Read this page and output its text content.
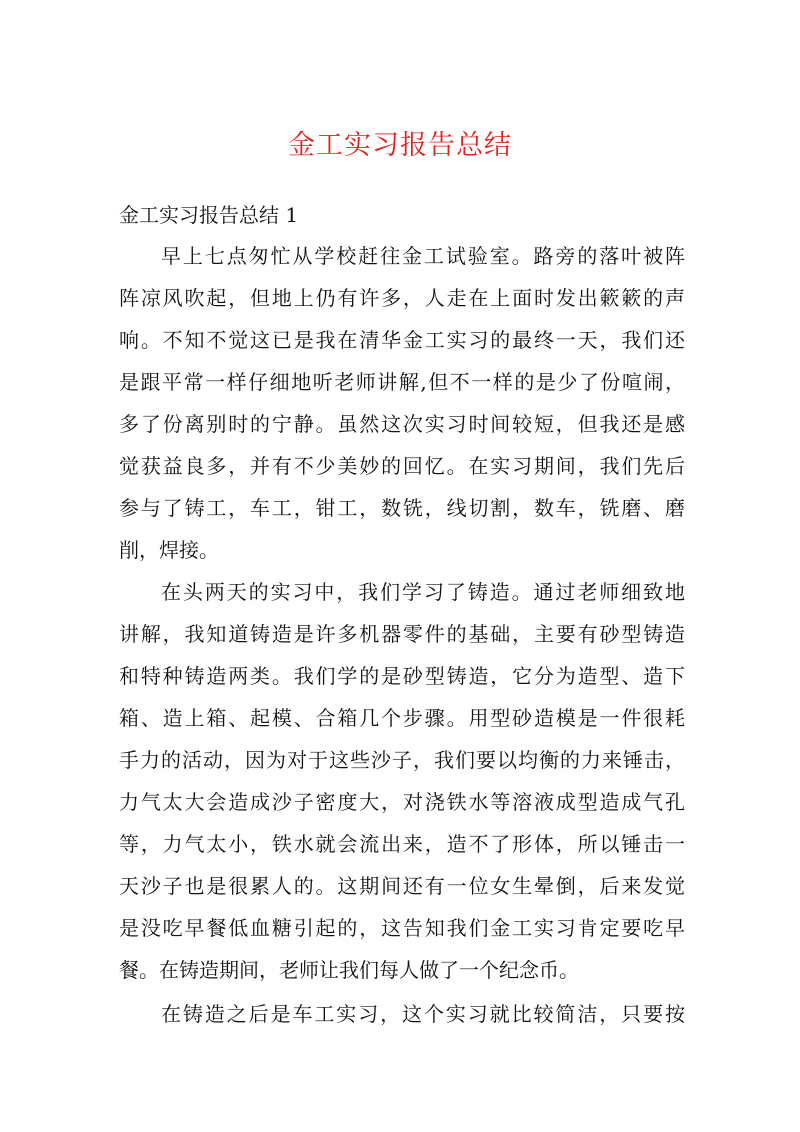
金工实习报告总结
金工实习报告总结 1
早上七点匆忙从学校赶往金工试验室。路旁的落叶被阵
阵凉风吹起，但地上仍有许多，人走在上面时发出簌簌的声
响。不知不觉这已是我在清华金工实习的最终一天，我们还
是跟平常一样仔细地听老师讲解,但不一样的是少了份喧闹，
多了份离别时的宁静。虽然这次实习时间较短，但我还是感
觉获益良多，并有不少美妙的回忆。在实习期间，我们先后
参与了铸工，车工，钳工，数铣，线切割，数车，铣磨、磨
削，焊接。
在头两天的实习中，我们学习了铸造。通过老师细致地
讲解，我知道铸造是许多机器零件的基础，主要有砂型铸造
和特种铸造两类。我们学的是砂型铸造，它分为造型、造下
箱、造上箱、起模、合箱几个步骤。用型砂造模是一件很耗
手力的活动，因为对于这些沙子，我们要以均衡的力来锤击，
力气太大会造成沙子密度大，对浇铁水等溶液成型造成气孔
等，力气太小，铁水就会流出来，造不了形体，所以锤击一
天沙子也是很累人的。这期间还有一位女生晕倒，后来发觉
是没吃早餐低血糖引起的，这告知我们金工实习肯定要吃早
餐。在铸造期间，老师让我们每人做了一个纪念币。
在铸造之后是车工实习，这个实习就比较简洁，只要按
